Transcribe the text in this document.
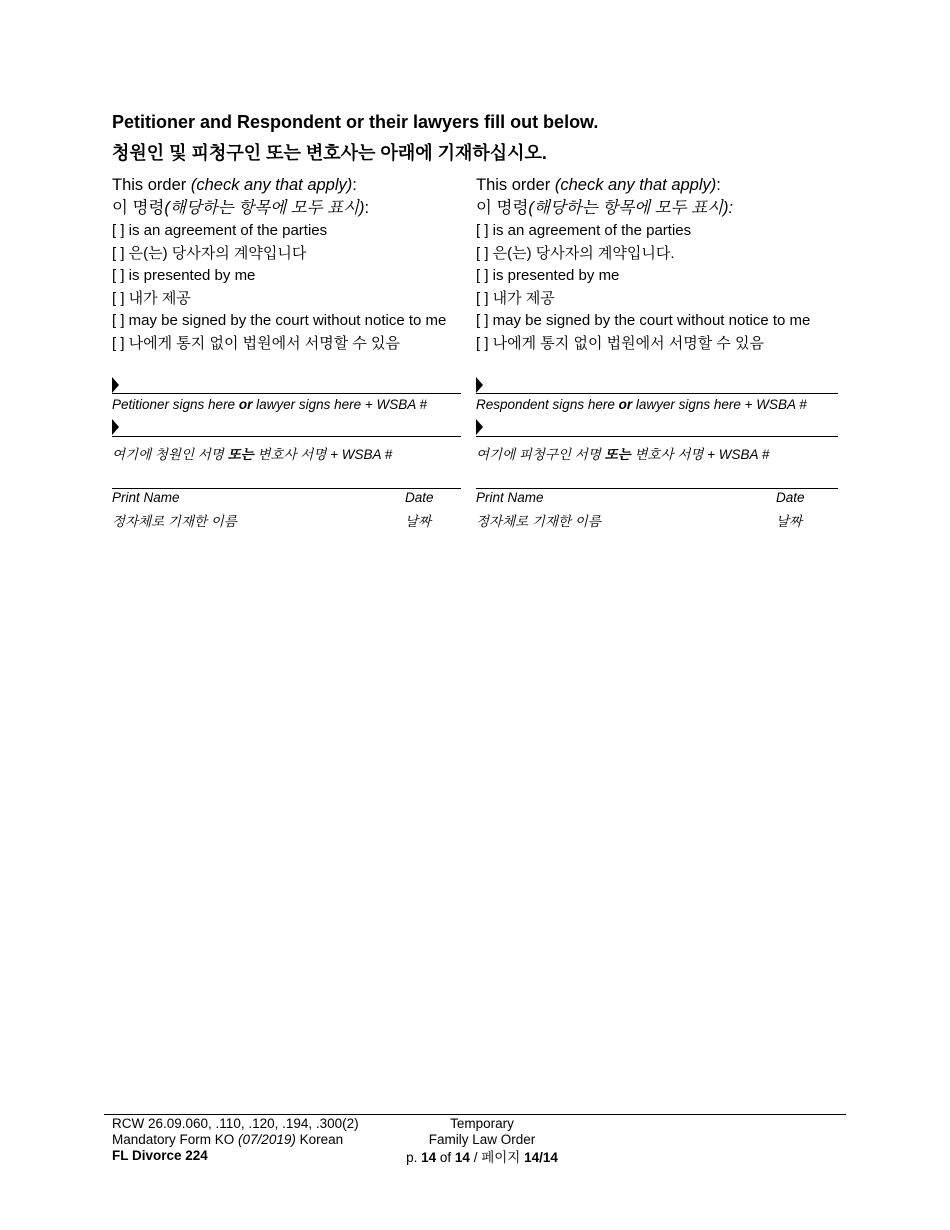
Petitioner and Respondent or their lawyers fill out below.
청원인 및 피청구인 또는 변호사는 아래에 기재하십시오.
This order (check any that apply):
이 명령(해당하는 항목에 모두 표시):
[ ] is an agreement of the parties
[ ] 은(는) 당사자의 계약입니다
[ ] is presented by me
[ ] 내가 제공
[ ] may be signed by the court without notice to me
[ ] 나에게 통지 없이 법원에서 서명할 수 있음
This order (check any that apply):
이 명령(해당하는 항목에 모두 표시):
[ ] is an agreement of the parties
[ ] 은(는) 당사자의 계약입니다.
[ ] is presented by me
[ ] 내가 제공
[ ] may be signed by the court without notice to me
[ ] 나에게 통지 없이 법원에서 서명할 수 있음
Petitioner signs here or lawyer signs here + WSBA #
여기에 청원인 서명 또는 변호사 서명 + WSBA #
Print Name	Date
정자체로 기재한 이름	날짜
Respondent signs here or lawyer signs here + WSBA #
여기에 피청구인 서명 또는 변호사 서명 + WSBA #
Print Name	Date
정자체로 기재한 이름	날짜
RCW 26.09.060, .110, .120, .194, .300(2)
Mandatory Form KO (07/2019) Korean
FL Divorce 224
Temporary
Family Law Order
p. 14 of 14 / 페이지 14/14
